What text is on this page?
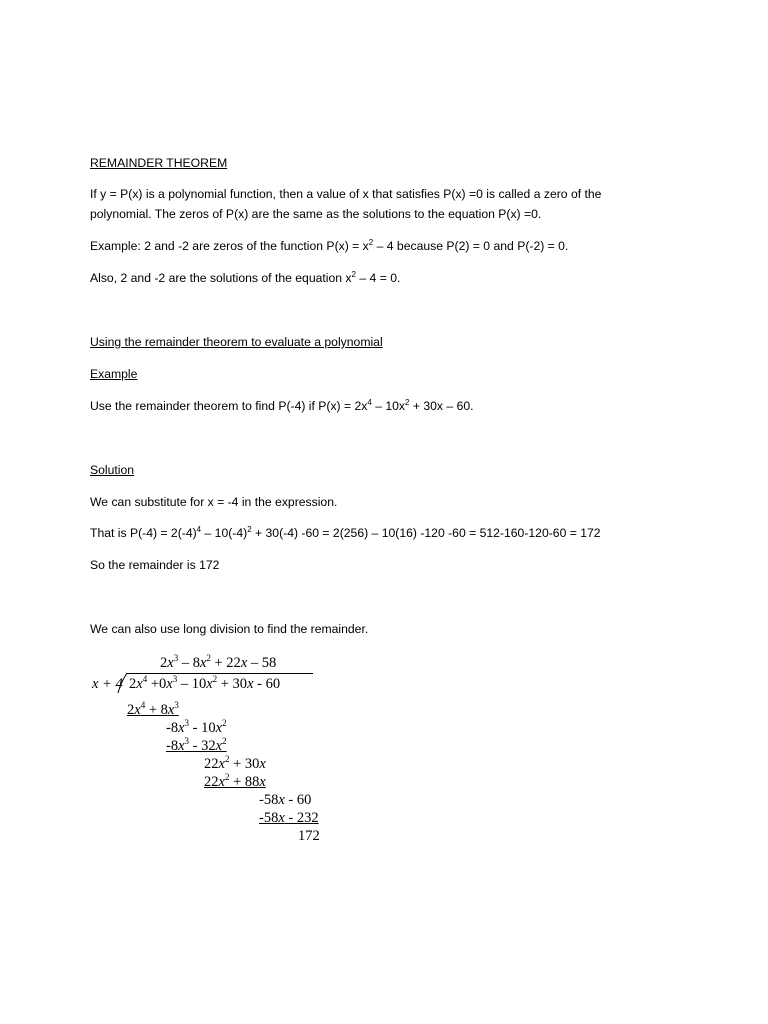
REMAINDER THEOREM
If y = P(x) is a polynomial function, then a value of x that satisfies P(x) =0 is called a zero of the
polynomial. The zeros of P(x) are the same as the solutions to the equation P(x) =0.
Example: 2 and -2 are zeros of the function $P(x) = x^2 - 4$ because P(2) = 0 and P(-2) = 0.
Also, 2 and -2 are the solutions of the equation $x^2 - 4 = 0$.
Using the remainder theorem to evaluate a polynomial
Example
Use the remainder theorem to find P(-4) if $P(x) = 2x^4 - 10x^2 + 30x - 60$.
Solution
We can substitute for x = -4 in the expression.
That is $P(-4) = 2(-4)^4 - 10(-4)^2 + 30(-4) -60 = 2(256) - 10(16)$ -120 -60 = 512-160-120-60 = 172
So the remainder is 172
We can also use long division to find the remainder.
$2x^3 - 8x^2 + 22x - 58$
x + 4 $2x^4 +0x^3 - 10x^2 + 30x - 60$
$2x^4 + 8x^3$
$-8x^3 - 10x^2$
$-8x^3 - 32x^2$
$22x^2 + 30x$
$22x^2 + 88x$
-58x - 60
-58x - 232
172
